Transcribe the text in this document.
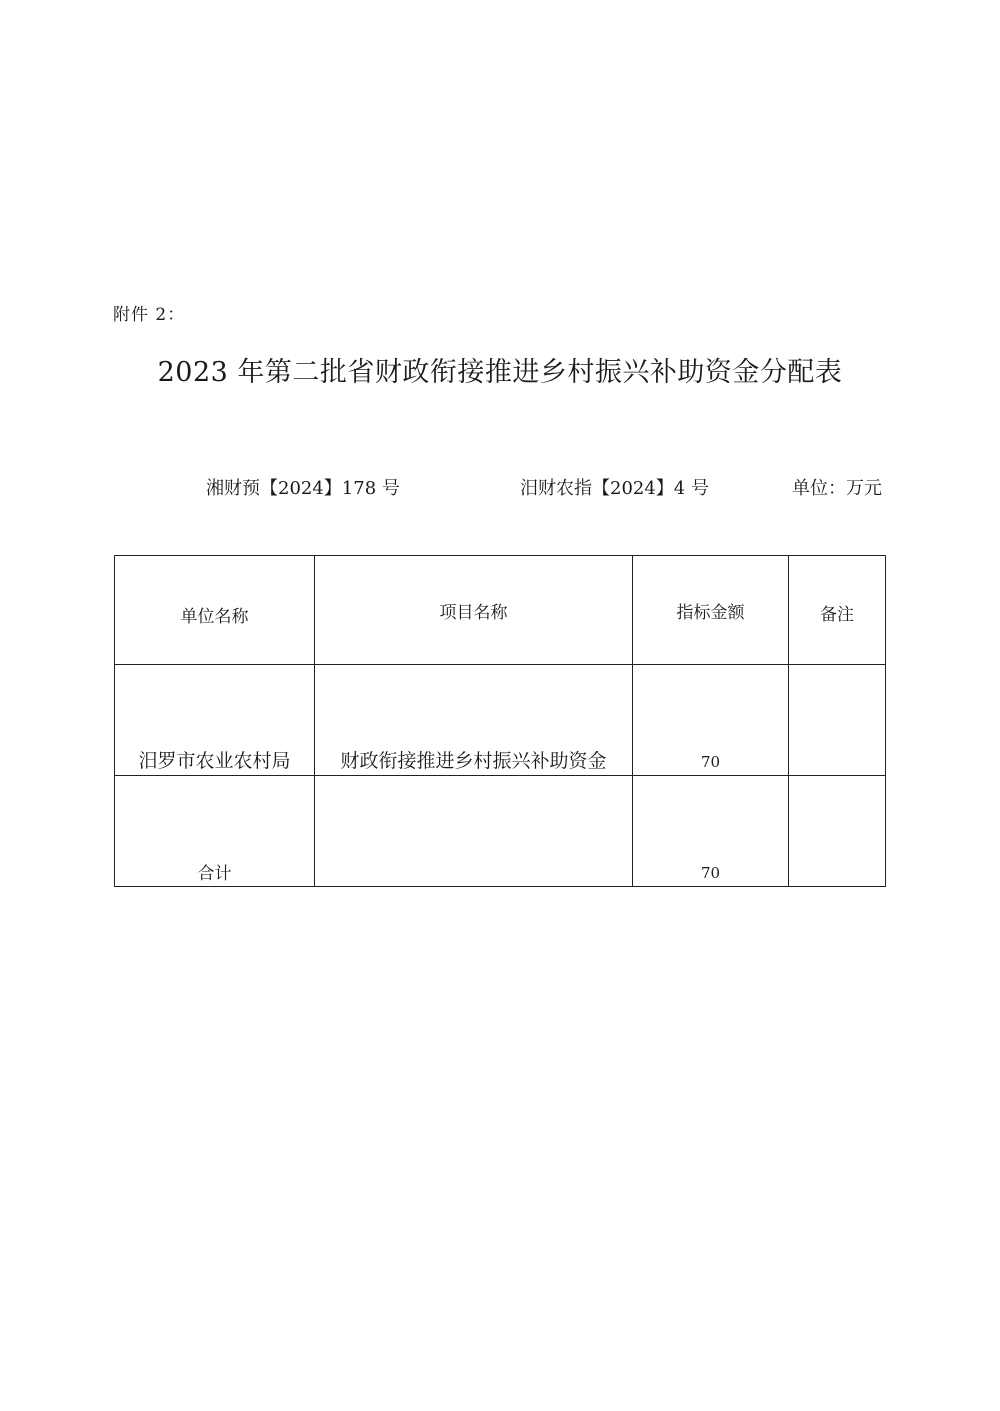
附件 2：
2023 年第二批省财政衔接推进乡村振兴补助资金分配表
湘财预【2024】178 号	汨财农指【2024】4 号	单位：万元
单位名称	项目名称	指标金额	备注
汨罗市农业农村局	财政衔接推进乡村振兴补助资金	70	
合计		70	
